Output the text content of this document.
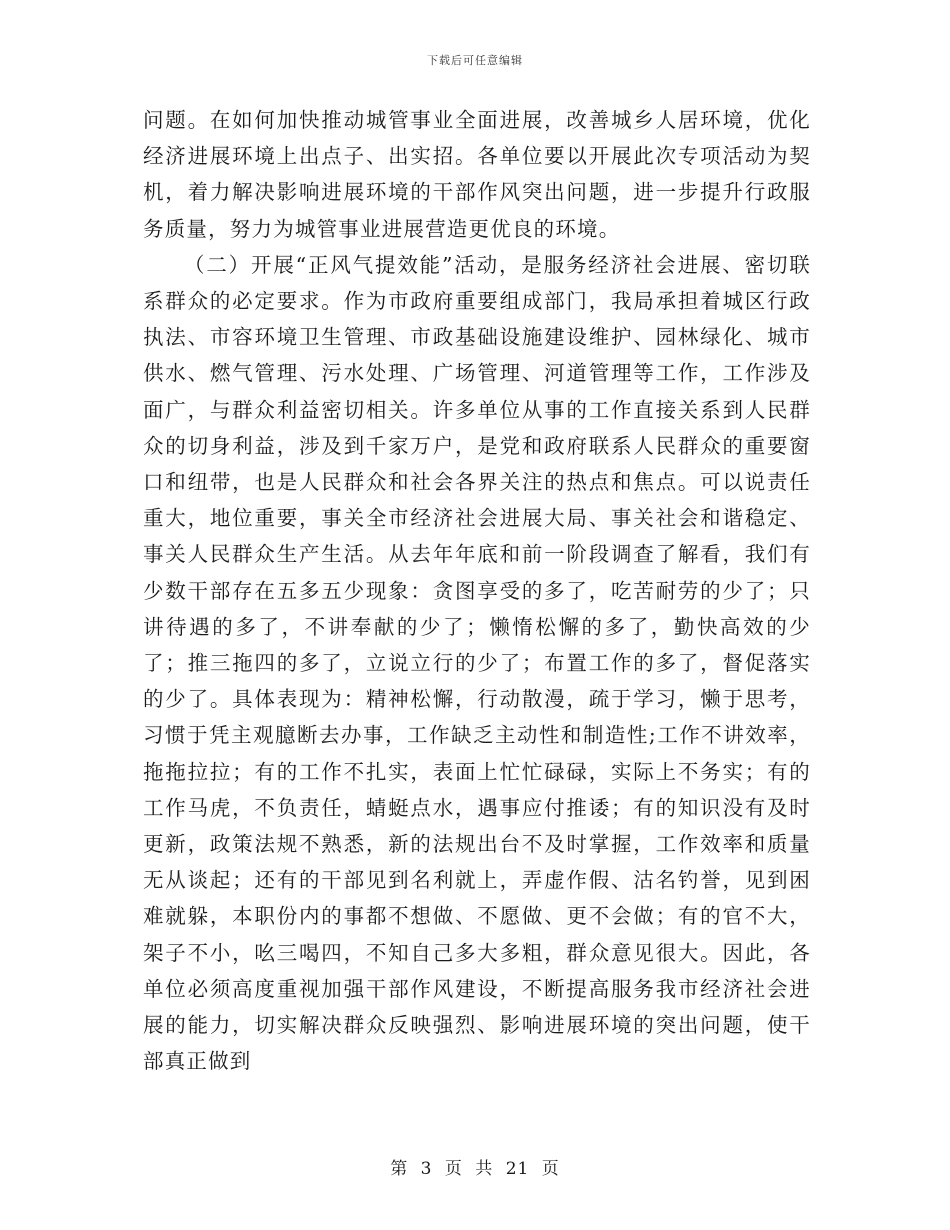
下载后可任意编辑

问题。在如何加快推动城管事业全面进展，改善城乡人居环境，优化经济进展环境上出点子、出实招。各单位要以开展此次专项活动为契机，着力解决影响进展环境的干部作风突出问题，进一步提升行政服务质量，努力为城管事业进展营造更优良的环境。

（二）开展“正风气提效能”活动，是服务经济社会进展、密切联系群众的必定要求。作为市政府重要组成部门，我局承担着城区行政执法、市容环境卫生管理、市政基础设施建设维护、园林绿化、城市供水、燃气管理、污水处理、广场管理、河道管理等工作，工作涉及面广，与群众利益密切相关。许多单位从事的工作直接关系到人民群众的切身利益，涉及到千家万户，是党和政府联系人民群众的重要窗口和纽带，也是人民群众和社会各界关注的热点和焦点。可以说责任重大，地位重要，事关全市经济社会进展大局、事关社会和谐稳定、事关人民群众生产生活。从去年年底和前一阶段调查了解看，我们有少数干部存在五多五少现象：贪图享受的多了，吃苦耐劳的少了；只讲待遇的多了，不讲奉献的少了；懒惰松懈的多了，勤快高效的少了；推三拖四的多了，立说立行的少了；布置工作的多了，督促落实的少了。具体表现为：精神松懈，行动散漫，疏于学习，懒于思考，习惯于凭主观臆断去办事，工作缺乏主动性和制造性;工作不讲效率，拖拖拉拉；有的工作不扎实，表面上忙忙碌碌，实际上不务实；有的工作马虎，不负责任，蜻蜓点水，遇事应付推诿；有的知识没有及时更新，政策法规不熟悉，新的法规出台不及时掌握，工作效率和质量无从谈起；还有的干部见到名利就上，弄虚作假、沽名钓誉，见到困难就躲，本职份内的事都不想做、不愿做、更不会做；有的官不大，架子不小，吆三喝四，不知自己多大多粗，群众意见很大。因此，各单位必须高度重视加强干部作风建设，不断提高服务我市经济社会进展的能力，切实解决群众反映强烈、影响进展环境的突出问题，使干部真正做到

第 3 页 共 21 页
